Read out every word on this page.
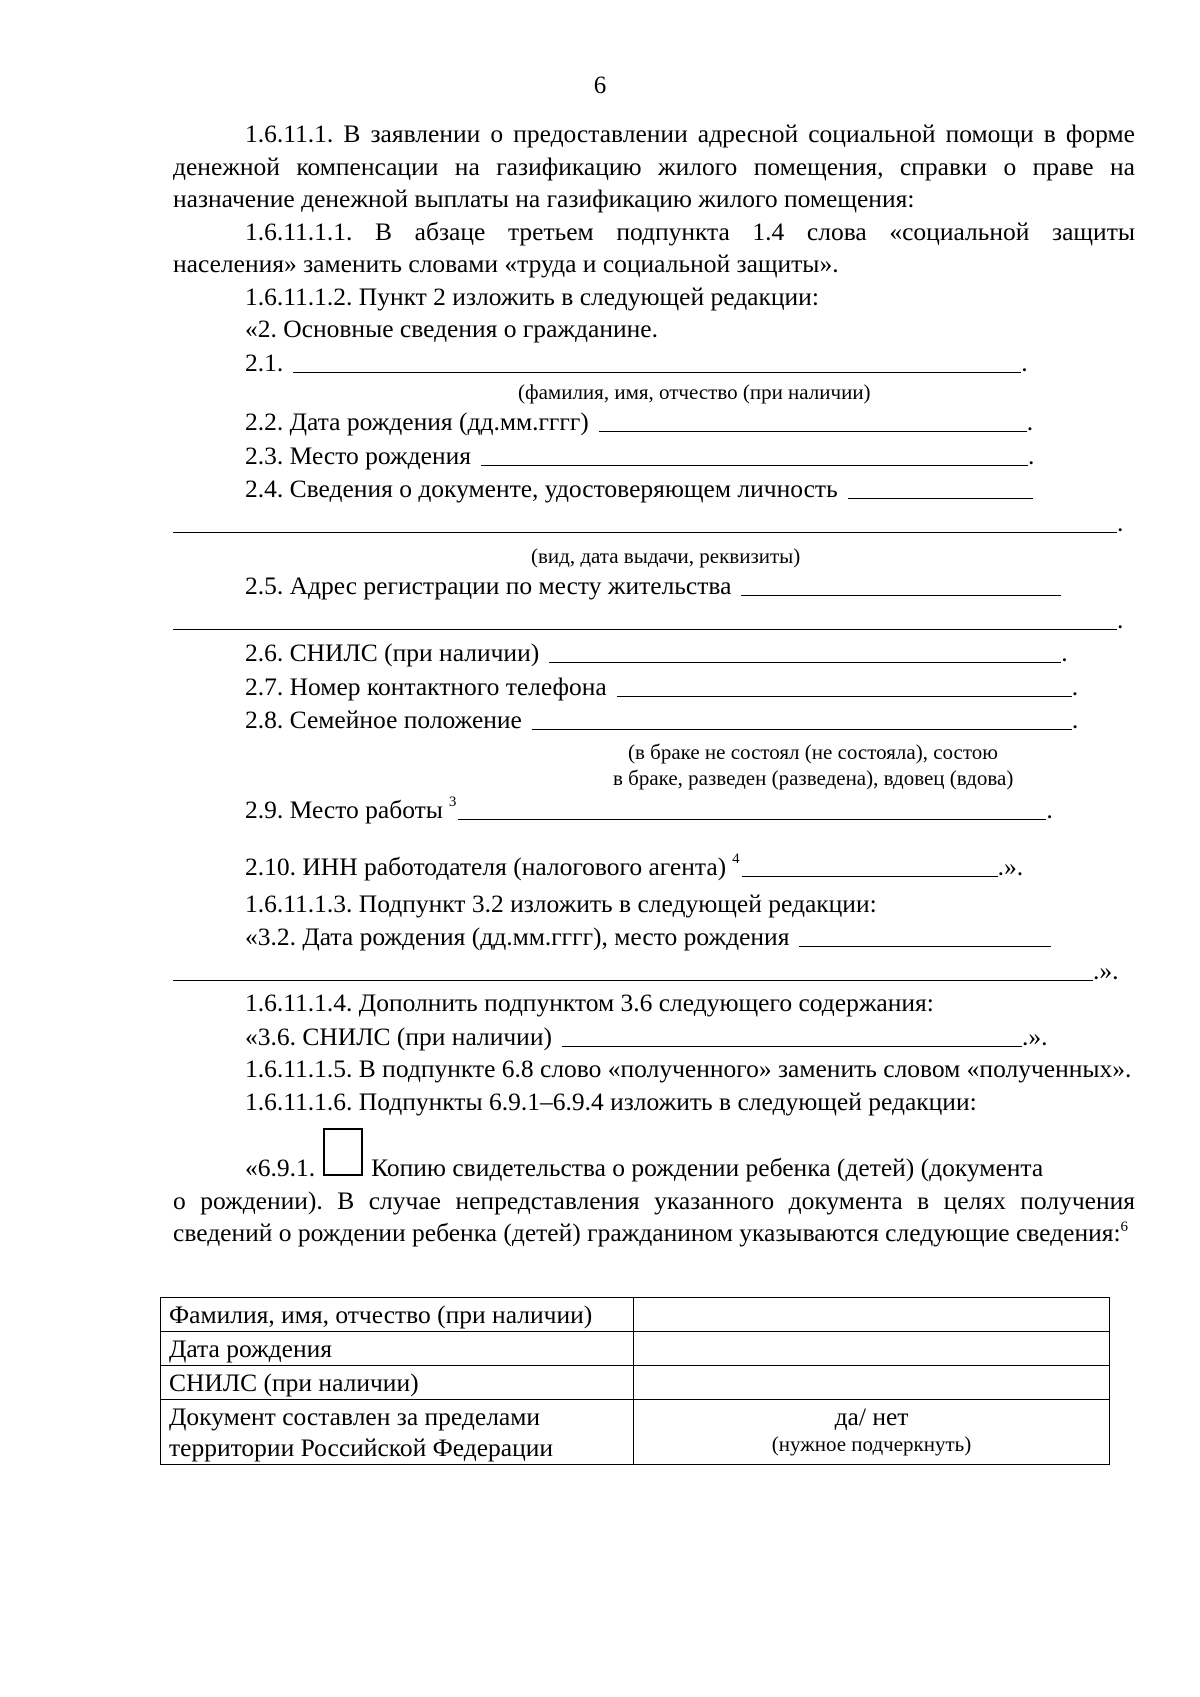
6
1.6.11.1. В заявлении о предоставлении адресной социальной помощи в форме денежной компенсации на газификацию жилого помещения, справки о праве на назначение денежной выплаты на газификацию жилого помещения:
1.6.11.1.1. В абзаце третьем подпункта 1.4 слова «социальной защиты населения» заменить словами «труда и социальной защиты».
1.6.11.1.2. Пункт 2 изложить в следующей редакции:
«2. Основные сведения о гражданине.
2.1.	.
(фамилия, имя, отчество (при наличии)
2.2. Дата рождения (дд.мм.гггг)	.
2.3. Место рождения	.
2.4. Сведения о документе, удостоверяющем личность
.
(вид, дата выдачи, реквизиты)
2.5. Адрес регистрации по месту жительства
.
2.6. СНИЛС (при наличии)	.
2.7. Номер контактного телефона	.
2.8. Семейное положение	.
(в браке не состоял (не состояла), состою
в браке, разведен (разведена), вдовец (вдова)
2.9. Место работы 3	.
2.10. ИНН работодателя (налогового агента) 4	.».
1.6.11.1.3. Подпункт 3.2 изложить в следующей редакции:
«3.2. Дата рождения (дд.мм.гггг), место рождения
.».
1.6.11.1.4. Дополнить подпунктом 3.6 следующего содержания:
«3.6. СНИЛС (при наличии)	.».
1.6.11.1.5. В подпункте 6.8 слово «полученного» заменить словом «полученных».
1.6.11.1.6. Подпункты 6.9.1–6.9.4 изложить в следующей редакции:
«6.9.1. Копию свидетельства о рождении ребенка (детей) (документа
о рождении). В случае непредставления указанного документа в целях получения сведений о рождении ребенка (детей) гражданином указываются следующие сведения:$^6$
Фамилия, имя, отчество (при наличии)	
Дата рождения	
СНИЛС (при наличии)	
Документ составлен за пределами территории Российской Федерации	да/ нет
(нужное подчеркнуть)
